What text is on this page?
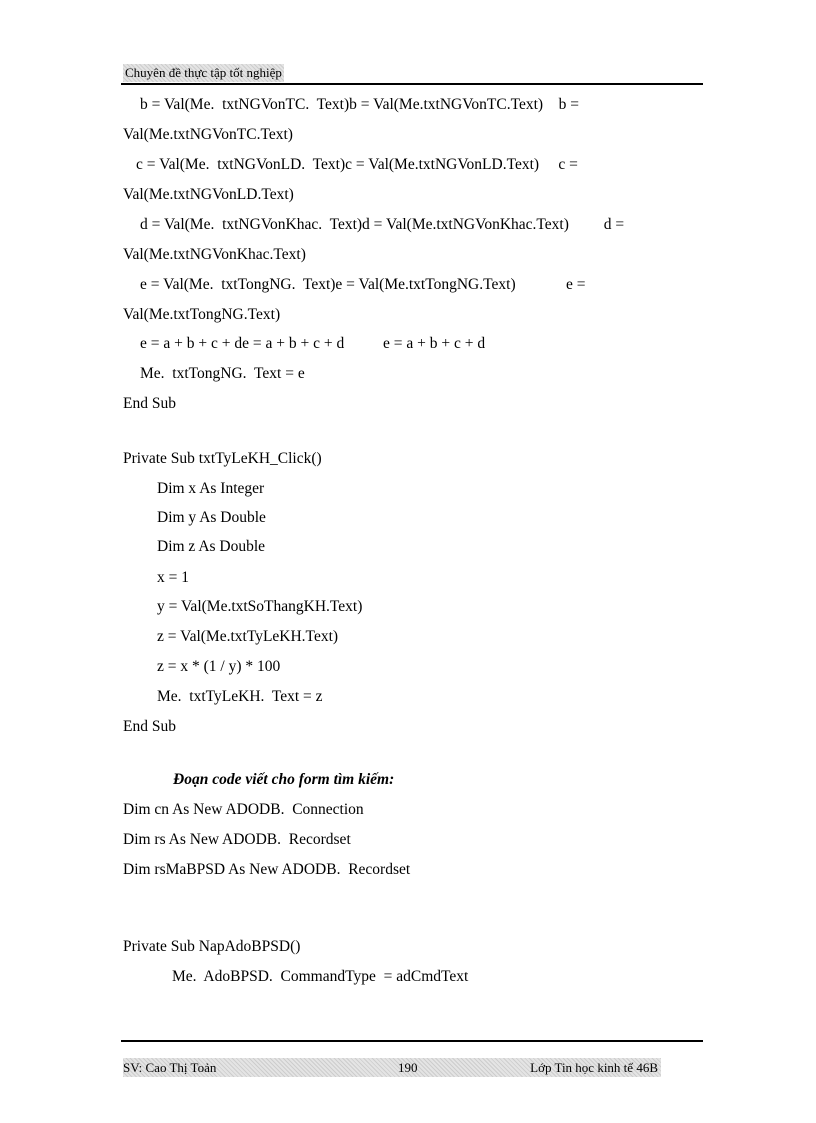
Chuyên đề thực tập tốt nghiệp
b = Val(Me.  txtNGVonTC.  Text)b = Val(Me.txtNGVonTC.Text)    b =
Val(Me.txtNGVonTC.Text)
c = Val(Me.  txtNGVonLD.  Text)c = Val(Me.txtNGVonLD.Text)     c =
Val(Me.txtNGVonLD.Text)
d = Val(Me.  txtNGVonKhac.  Text)d = Val(Me.txtNGVonKhac.Text)         d =
Val(Me.txtNGVonKhac.Text)
e = Val(Me.  txtTongNG.  Text)e = Val(Me.txtTongNG.Text)             e =
Val(Me.txtTongNG.Text)
e = a + b + c + de = a + b + c + d          e = a + b + c + d
Me.  txtTongNG.  Text = e
End Sub
Private Sub txtTyLeKH_Click()
Dim x As Integer
Dim y As Double
Dim z As Double
x = 1
y = Val(Me.txtSoThangKH.Text)
z = Val(Me.txtTyLeKH.Text)
z = x * (1 / y) * 100
Me.  txtTyLeKH.  Text = z
End Sub
Đoạn code viết cho form tìm kiếm:
Dim cn As New ADODB.  Connection
Dim rs As New ADODB.  Recordset
Dim rsMaBPSD As New ADODB.  Recordset
Private Sub NapAdoBPSD()
Me.  AdoBPSD.  CommandType  = adCmdText
SV: Cao Thị Toản	190	Lớp Tin học kinh tế 46B
